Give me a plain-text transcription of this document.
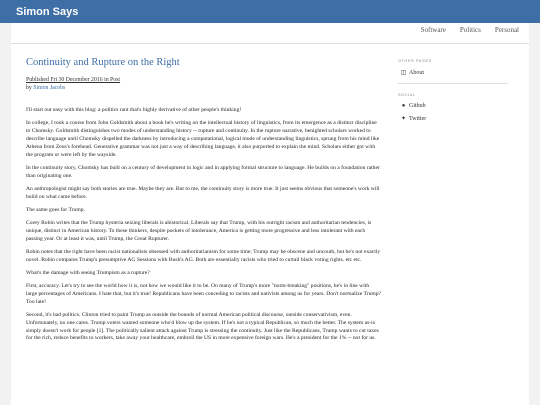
Simon Says
Software Politics Personal
Continuity and Rupture on the Right
Published Fri 30 December 2016 in Post
by Simon Jacobs

I'll start out easy with this blog: a politics rant that's highly derivative of other people's thinking!

In college, I took a course from John Goldsmith about a book he's writing on the intellectual history of linguistics, from its emergence as a distinct discipline to Chomsky. Goldsmith distinguishes two modes of understanding history -- rupture and continuity. In the rupture narrative, benighted scholars worked to describe language until Chomsky dispelled the darkness by introducing a computational, logical mode of understanding linguistics, sprung from his mind like Athena from Zeus's forehead. Generative grammar was not just a way of describing language, it also purported to explain the mind. Scholars either got with the program or were left by the wayside.

In the continuity story, Chomsky has built on a century of development in logic and in applying formal structure to language. He builds on a foundation rather than originating one.

An anthropologist might say both stories are true. Maybe they are. But to me, the continuity story is more true. It just seems obvious that someone's work will build on what came before.

The same goes for Trump.

Corey Robin writes that the Trump hysteria seizing liberals is ahistorical. Liberals say that Trump, with his outright racism and authoritarian tendencies, is unique, distinct in American history. To these thinkers, despite pockets of intolerance, America is getting more progressive and less intolerant with each passing year. Or at least it was, until Trump, the Great Rupturer.

Robin notes that the right have been racist nationalists obsessed with authoritarianism for some time; Trump may be obscene and uncouth, but he's not exactly novel. Robin compares Trump's presumptive AG Sessions with Bush's AG. Both are essentially racists who tried to curtail black voting rights. etc etc.

What's the damage with seeing Trumpism as a rupture?

First, accuracy. Let's try to see the world how it is, not how we would like it to be. On many of Trump's more "norm-breaking" positions, he's in line with large percentages of Americans. I hate that, but it's true! Republicans have been conceding to racists and nativists among us for years. Don't normalize Trump? Too late!

Second, it's bad politics. Clinton tried to paint Trump as outside the bounds of normal American political discourse, outside conservativism, even. Unfortunately, no one cares. Trump voters wanted someone who'd blow up the system. If he's not a typical Republican, so much the better. The system as-is simply doesn't work for people [1]. The politically salient attack against Trump is stressing the continuity. Just like the Republicans, Trump wants to cut taxes for the rich, reduce benefits to workers, take away your healthcare, embroil the US in more expensive foreign wars. He's a president for the 1% -- not for us.

OTHER PAGES
◫ About
SOCIAL
● Github
✦ Twitter
